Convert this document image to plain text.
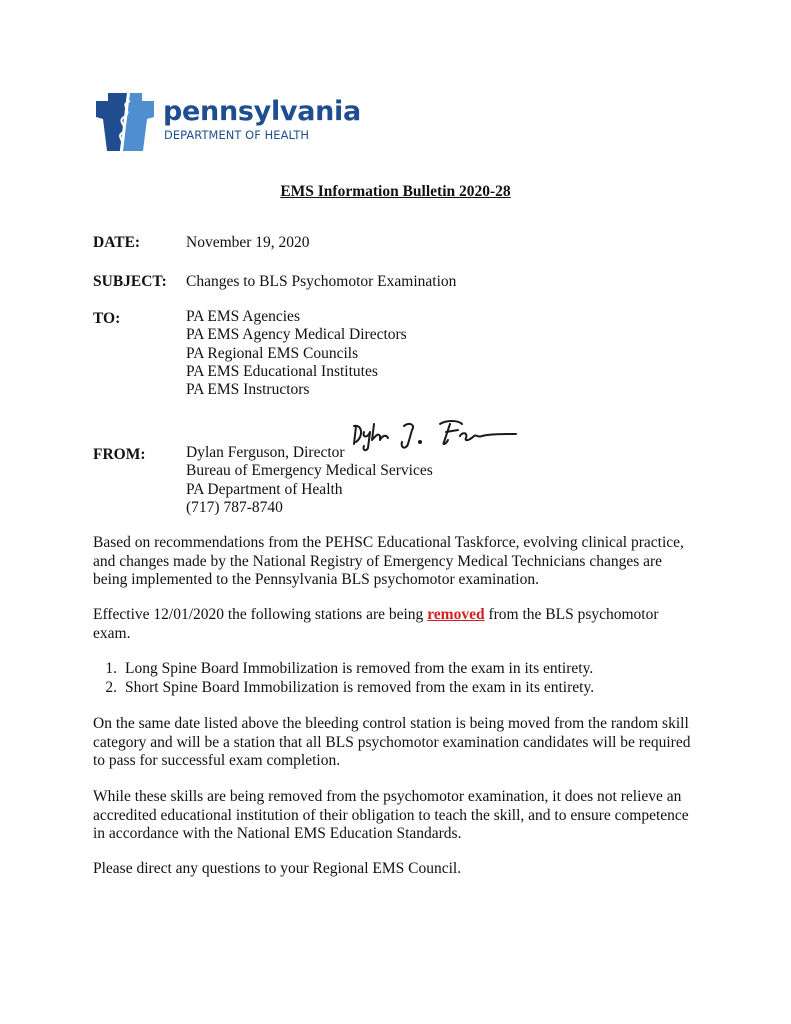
pennsylvania
DEPARTMENT OF HEALTH
EMS Information Bulletin 2020-28
DATE:	November 19, 2020
SUBJECT: Changes to BLS Psychomotor Examination
TO:	PA EMS Agencies
PA EMS Agency Medical Directors
PA Regional EMS Councils
PA EMS Educational Institutes
PA EMS Instructors
FROM:	Dylan Ferguson, Director
Bureau of Emergency Medical Services
PA Department of Health
(717) 787-8740
Based on recommendations from the PEHSC Educational Taskforce, evolving clinical practice,
and changes made by the National Registry of Emergency Medical Technicians changes are
being implemented to the Pennsylvania BLS psychomotor examination.
Effective 12/01/2020 the following stations are being removed from the BLS psychomotor
exam.
1. Long Spine Board Immobilization is removed from the exam in its entirety.
2. Short Spine Board Immobilization is removed from the exam in its entirety.
On the same date listed above the bleeding control station is being moved from the random skill
category and will be a station that all BLS psychomotor examination candidates will be required
to pass for successful exam completion.
While these skills are being removed from the psychomotor examination, it does not relieve an
accredited educational institution of their obligation to teach the skill, and to ensure competence
in accordance with the National EMS Education Standards.
Please direct any questions to your Regional EMS Council.
